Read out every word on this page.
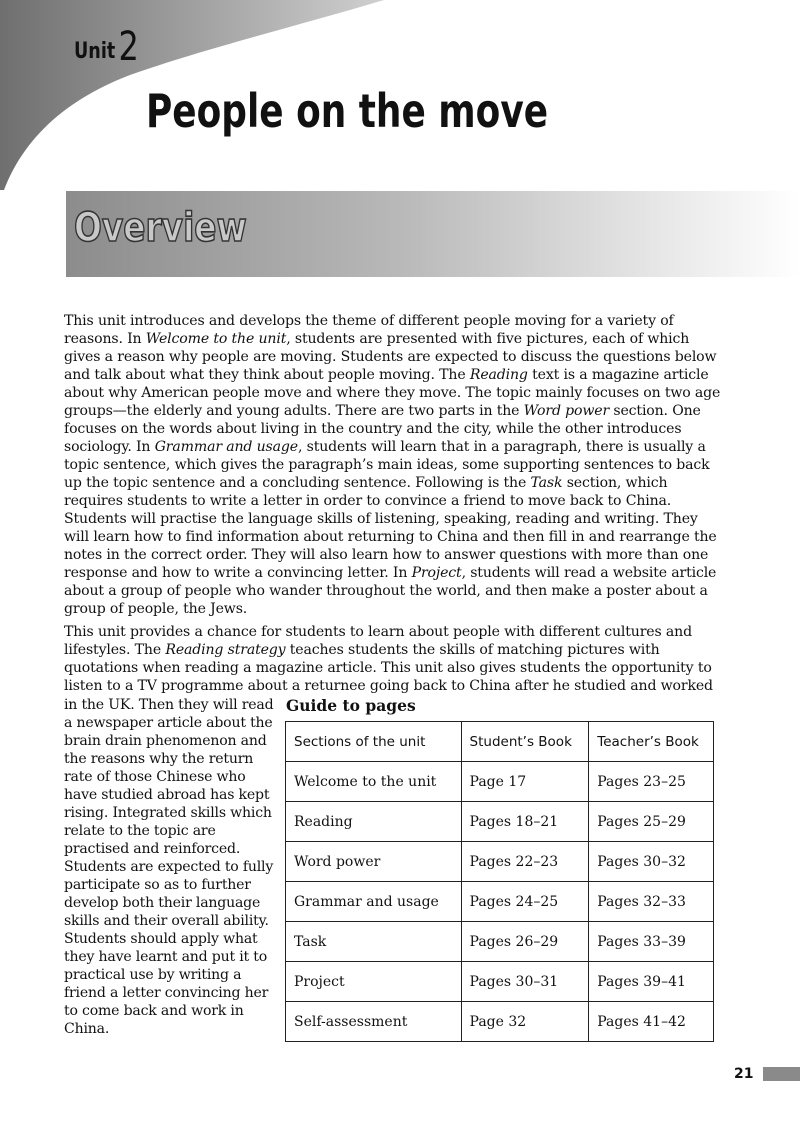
Unit2
People on the move
Overview

This unit introduces and develops the theme of different people moving for a variety of reasons. In Welcome to the unit, students are presented with five pictures, each of which gives a reason why people are moving. Students are expected to discuss the questions below and talk about what they think about people moving. The Reading text is a magazine article about why American people move and where they move. The topic mainly focuses on two age groups—the elderly and young adults. There are two parts in the Word power section. One focuses on the words about living in the country and the city, while the other introduces sociology. In Grammar and usage, students will learn that in a paragraph, there is usually a topic sentence, which gives the paragraph’s main ideas, some supporting sentences to back up the topic sentence and a concluding sentence. Following is the Task section, which requires students to write a letter in order to convince a friend to move back to China. Students will practise the language skills of listening, speaking, reading and writing. They will learn how to find information about returning to China and then fill in and rearrange the notes in the correct order. They will also learn how to answer questions with more than one response and how to write a convincing letter. In Project, students will read a website article about a group of people who wander throughout the world, and then make a poster about a group of people, the Jews.

This unit provides a chance for students to learn about people with different cultures and lifestyles. The Reading strategy teaches students the skills of matching pictures with quotations when reading a magazine article. This unit also gives students the opportunity to listen to a TV programme about a returnee going back to China after he studied and worked

in the UK. Then they will read a newspaper article about the brain drain phenomenon and the reasons why the return rate of those Chinese who have studied abroad has kept rising. Integrated skills which relate to the topic are practised and reinforced. Students are expected to fully participate so as to further develop both their language skills and their overall ability. Students should apply what they have learnt and put it to practical use by writing a friend a letter convincing her to come back and work in China.

Guide to pages
Sections of the unit	Student’s Book	Teacher’s Book
Welcome to the unit	Page 17	Pages 23–25
Reading	Pages 18–21	Pages 25–29
Word power	Pages 22–23	Pages 30–32
Grammar and usage	Pages 24–25	Pages 32–33
Task	Pages 26–29	Pages 33–39
Project	Pages 30–31	Pages 39–41
Self-assessment	Page 32	Pages 41–42
21
